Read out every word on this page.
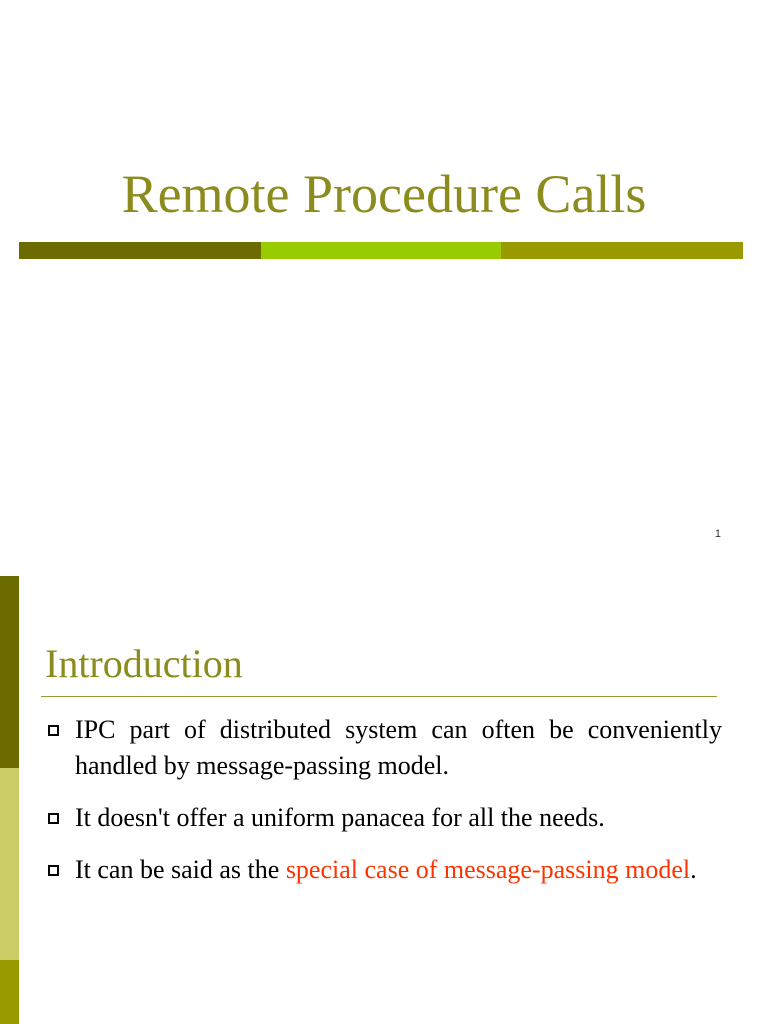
Remote Procedure Calls
1
Introduction
IPC part of distributed system can often be conveniently handled by message-passing model.
It doesn't offer a uniform panacea for all the needs.
It can be said as the special case of message-passing model.
